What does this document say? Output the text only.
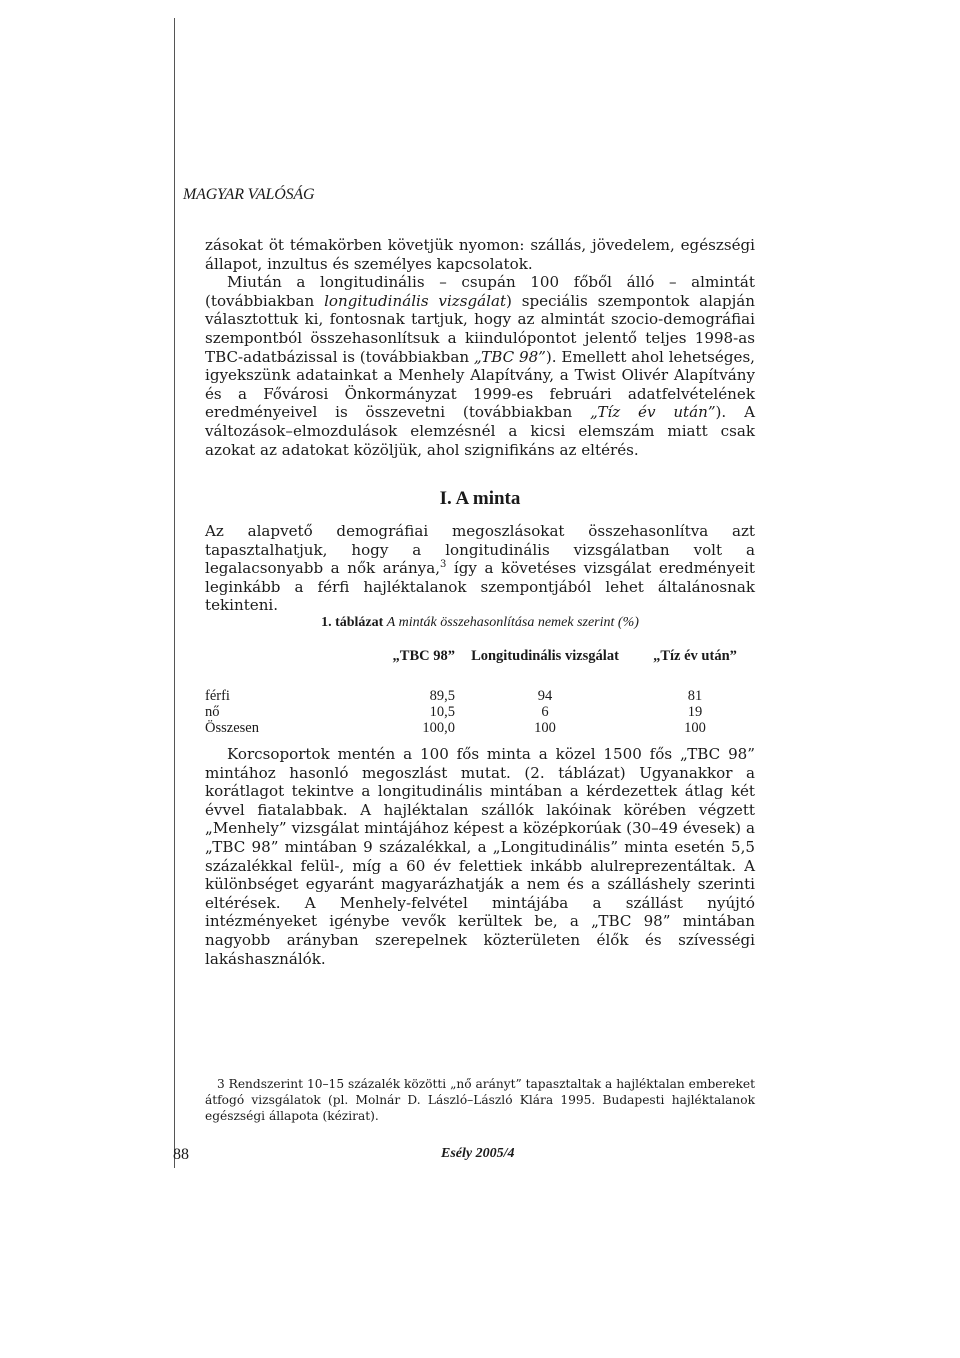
MAGYAR VALÓSÁG

zásokat öt témakörben követjük nyomon: szállás, jövedelem, egészségi állapot, inzultus és személyes kapcsolatok.

Miután a longitudinális – csupán 100 főből álló – almintát (továbbiakban longitudinális vizsgálat) speciális szempontok alapján választottuk ki, fontosnak tartjuk, hogy az almintát szocio-demográfiai szempontból összehasonlítsuk a kiindulópontot jelentő teljes 1998-as TBC-adatbázissal is (továbbiakban „TBC 98”). Emellett ahol lehetséges, igyekszünk adatainkat a Menhely Alapítvány, a Twist Olivér Alapítvány és a Fővárosi Önkormányzat 1999-es februári adatfelvételének eredményeivel is összevetni (továbbiakban „Tíz év után”). A változások–elmozdulások elemzésnél a kicsi elemszám miatt csak azokat az adatokat közöljük, ahol szignifikáns az eltérés.

I. A minta

Az alapvető demográfiai megoszlásokat összehasonlítva azt tapasztalhatjuk, hogy a longitudinális vizsgálatban volt a legalacsonyabb a nők aránya,$^3$ így a követéses vizsgálat eredményeit leginkább a férfi hajléktalanok szempontjából lehet általánosnak tekinteni.

1. táblázat A minták összehasonlítása nemek szerint (%)
	„TBC 98”	Longitudinális vizsgálat	„Tíz év után”

férfi	89,5	94	81
nő	10,5	6	19
Összesen	100,0	100	100

Korcsoportok mentén a 100 fős minta a közel 1500 fős „TBC 98” mintához hasonló megoszlást mutat. (2. táblázat) Ugyanakkor a korátlagot tekintve a longitudinális mintában a kérdezettek átlag két évvel fiatalabbak. A hajléktalan szállók lakóinak körében végzett „Menhely” vizsgálat mintájához képest a középkorúak (30–49 évesek) a „TBC 98” mintában 9 százalékkal, a „Longitudinális” minta esetén 5,5 százalékkal felül-, míg a 60 év felettiek inkább alulreprezentáltak. A különbséget egyaránt magyarázhatják a nem és a szálláshely szerinti eltérések. A Menhely-felvétel mintájába a szállást nyújtó intézményeket igénybe vevők kerültek be, a „TBC 98” mintában nagyobb arányban szerepelnek közterületen élők és szívességi lakáshasználók.

3 Rendszerint 10–15 százalék közötti „nő arányt” tapasztaltak a hajléktalan embereket átfogó vizsgálatok (pl. Molnár D. László–László Klára 1995. Budapesti hajléktalanok egészségi állapota (kézirat).

88	Esély 2005/4
